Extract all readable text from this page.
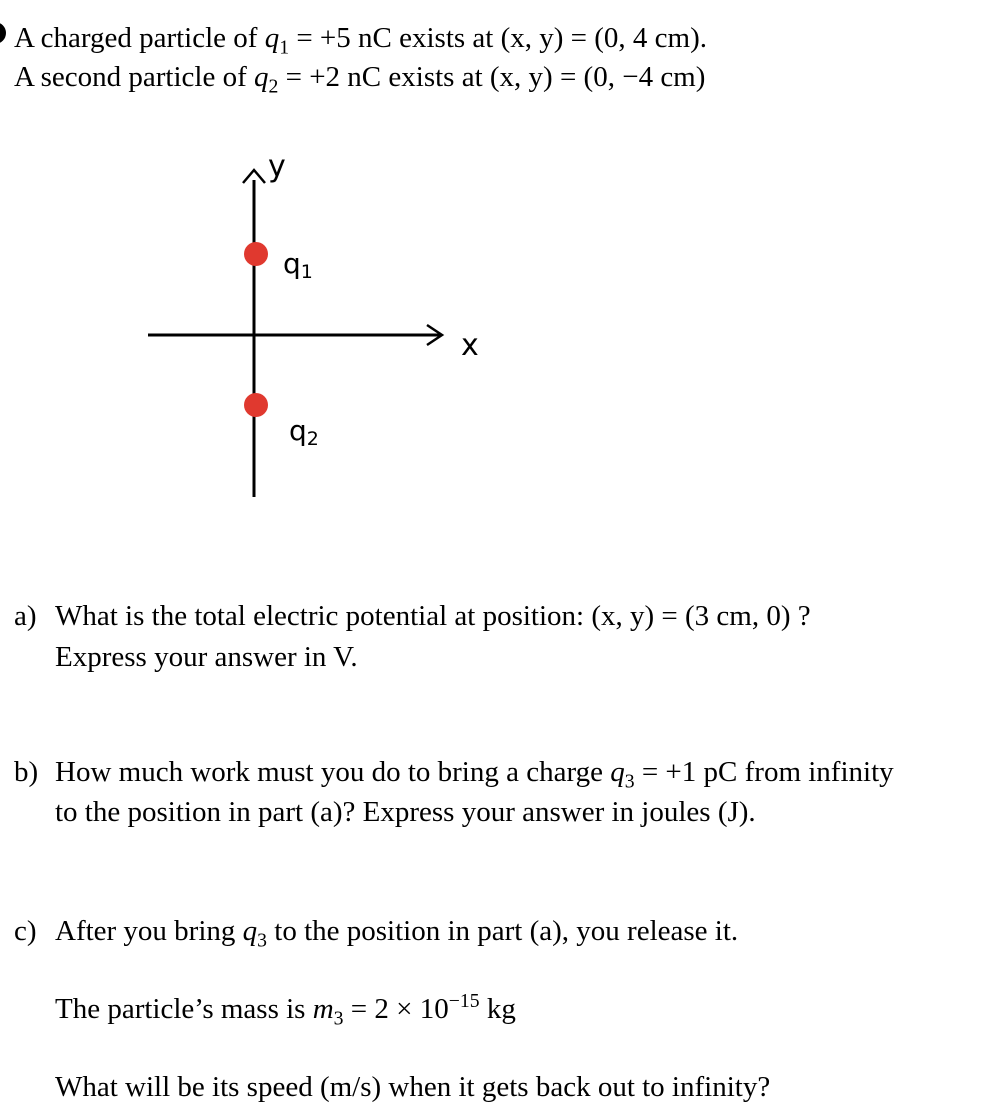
A charged particle of $q_1 = +5$ nC exists at (x, y) = (0, 4 cm).
A second particle of $q_2 = +2$ nC exists at (x, y) = (0, −4 cm)
y
x
q1
q2
a) What is the total electric potential at position: (x, y) = (3 cm, 0) ?
Express your answer in V.
b) How much work must you do to bring a charge $q_3 = +1$ pC from infinity
to the position in part (a)? Express your answer in joules (J).
c) After you bring $q_3$ to the position in part (a), you release it.
The particle’s mass is $m_3 = 2 \times 10^{-15}$ kg
What will be its speed (m/s) when it gets back out to infinity?
